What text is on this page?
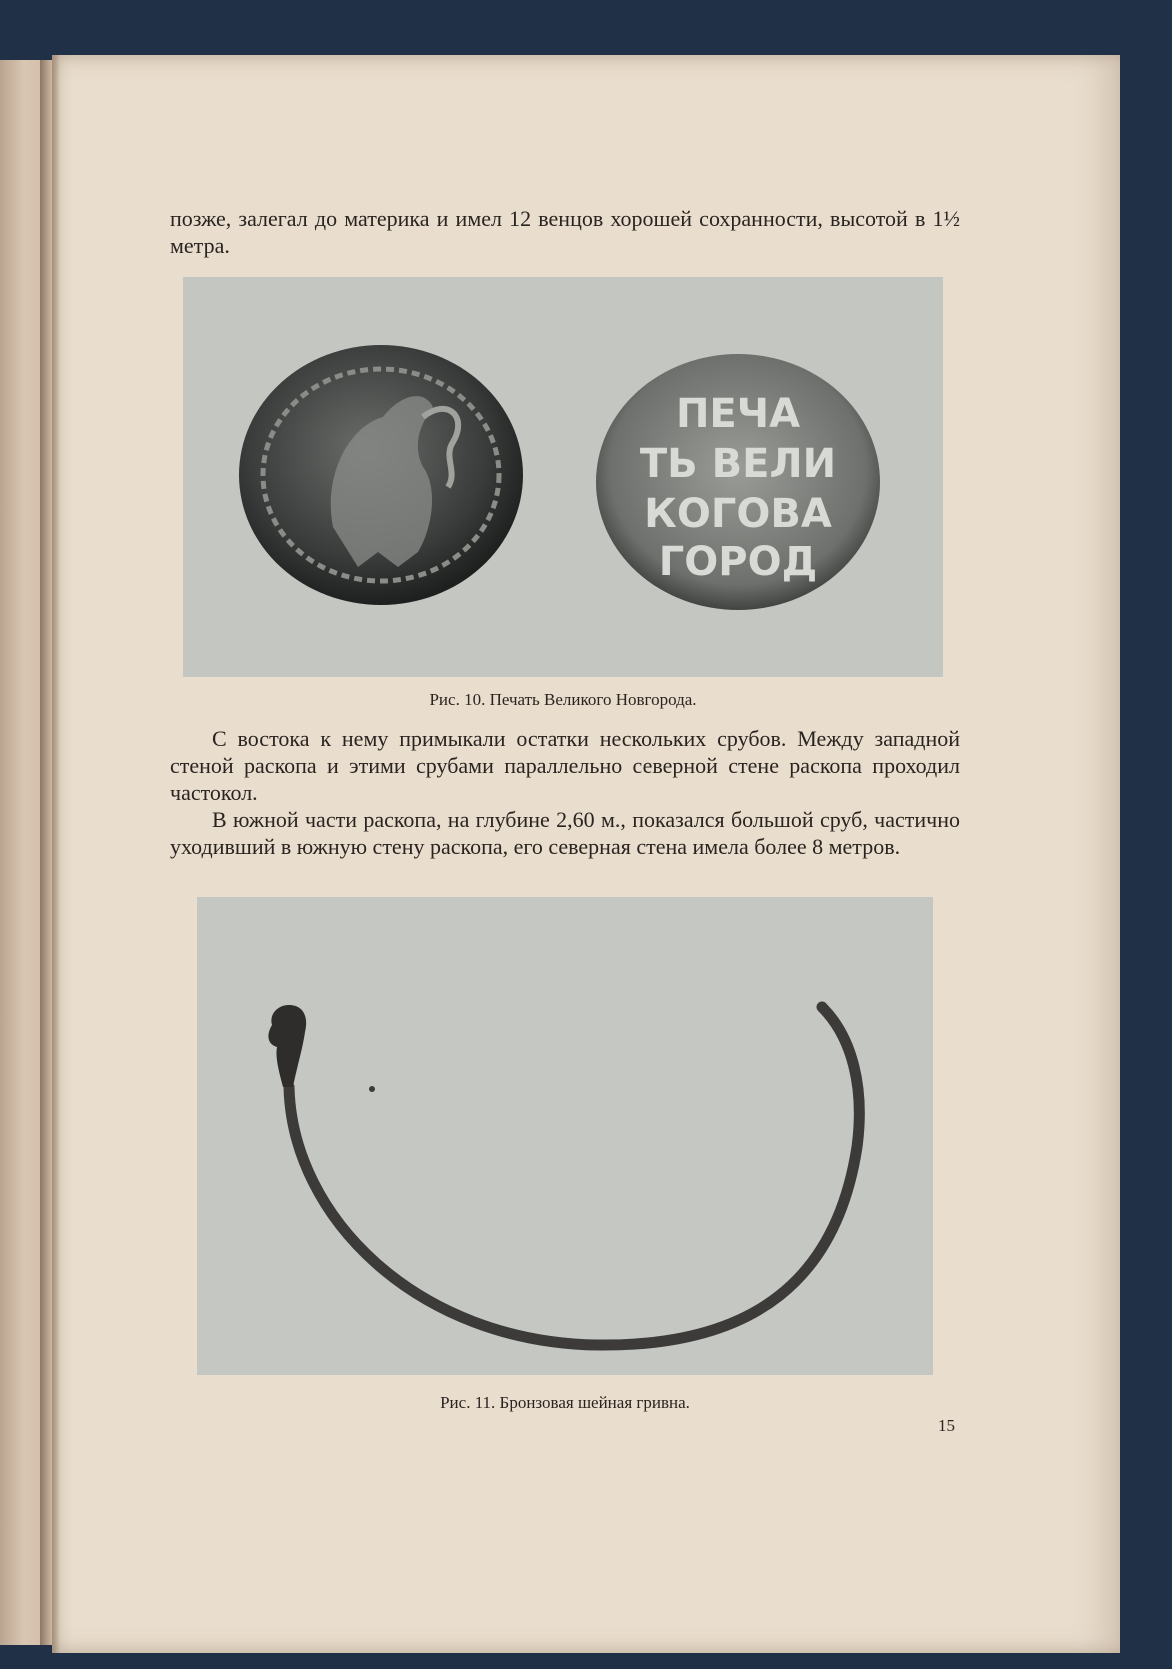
позже, залегал до материка и имел 12 венцов хорошей сохранности, высотой в 1½ метра.

ПЕЧА
ТЬ ВЕЛИ
КОГОВА
ГОРОД
Рис. 10. Печать Великого Новгорода.

С востока к нему примыкали остатки нескольких срубов. Между западной стеной раскопа и этими срубами параллельно северной стене раскопа проходил частокол.

В южной части раскопа, на глубине 2,60 м., показался большой сруб, частично уходивший в южную стену раскопа, его северная стена имела более 8 метров.

Рис. 11. Бронзовая шейная гривна.
15
